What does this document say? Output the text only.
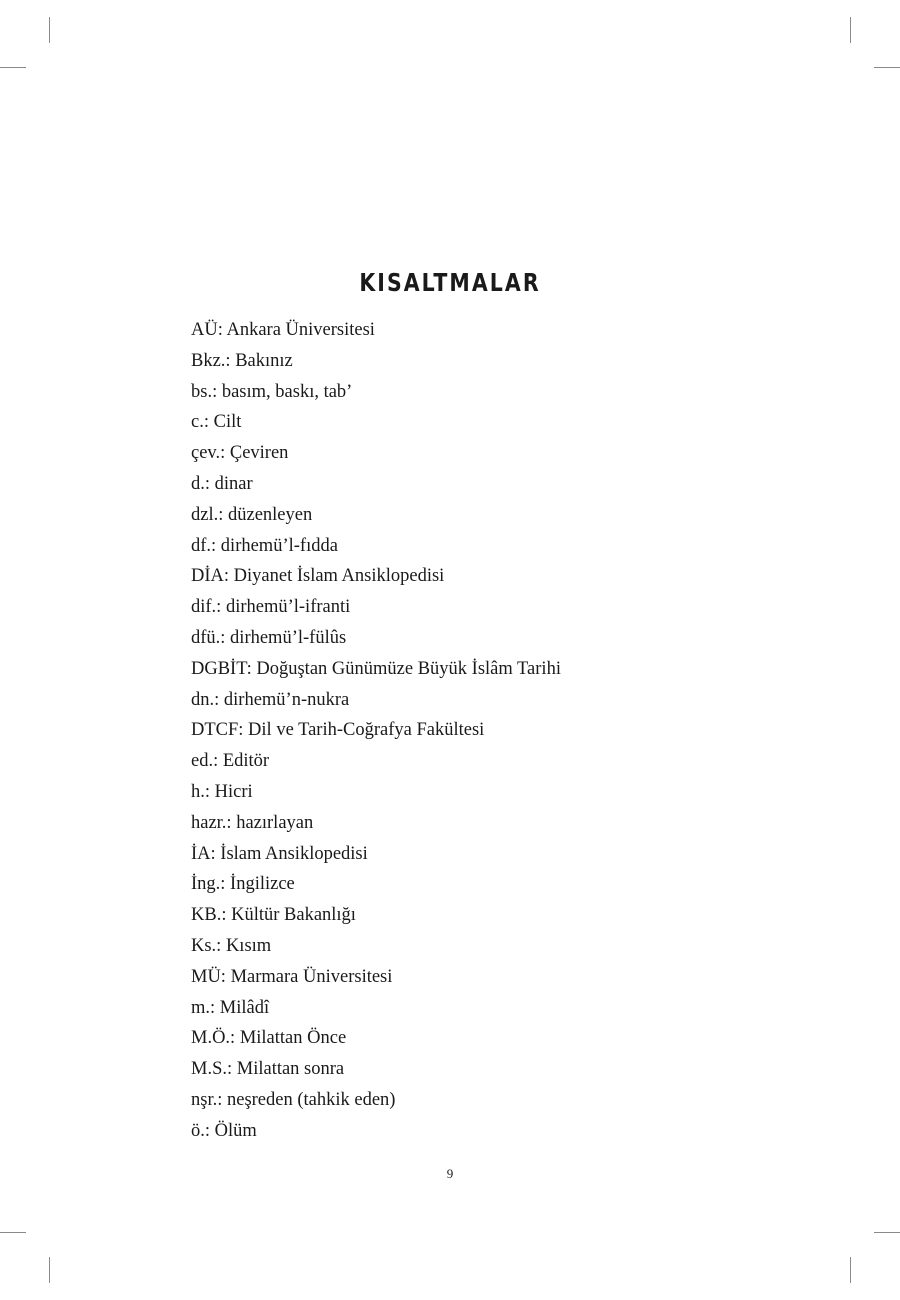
KISALTMALAR
AÜ: Ankara Üniversitesi
Bkz.: Bakınız
bs.: basım, baskı, tab’
c.: Cilt
çev.: Çeviren
d.: dinar
dzl.: düzenleyen
df.: dirhemü’l-fıdda
DİA: Diyanet İslam Ansiklopedisi
dif.: dirhemü’l-ifranti
dfü.: dirhemü’l-fülûs
DGBİT: Doğuştan Günümüze Büyük İslâm Tarihi
dn.: dirhemü’n-nukra
DTCF: Dil ve Tarih-Coğrafya Fakültesi
ed.: Editör
h.: Hicri
hazr.: hazırlayan
İA: İslam Ansiklopedisi
İng.: İngilizce
KB.: Kültür Bakanlığı
Ks.: Kısım
MÜ: Marmara Üniversitesi
m.: Milâdî
M.Ö.: Milattan Önce
M.S.: Milattan sonra
nşr.: neşreden (tahkik eden)
ö.: Ölüm
9
